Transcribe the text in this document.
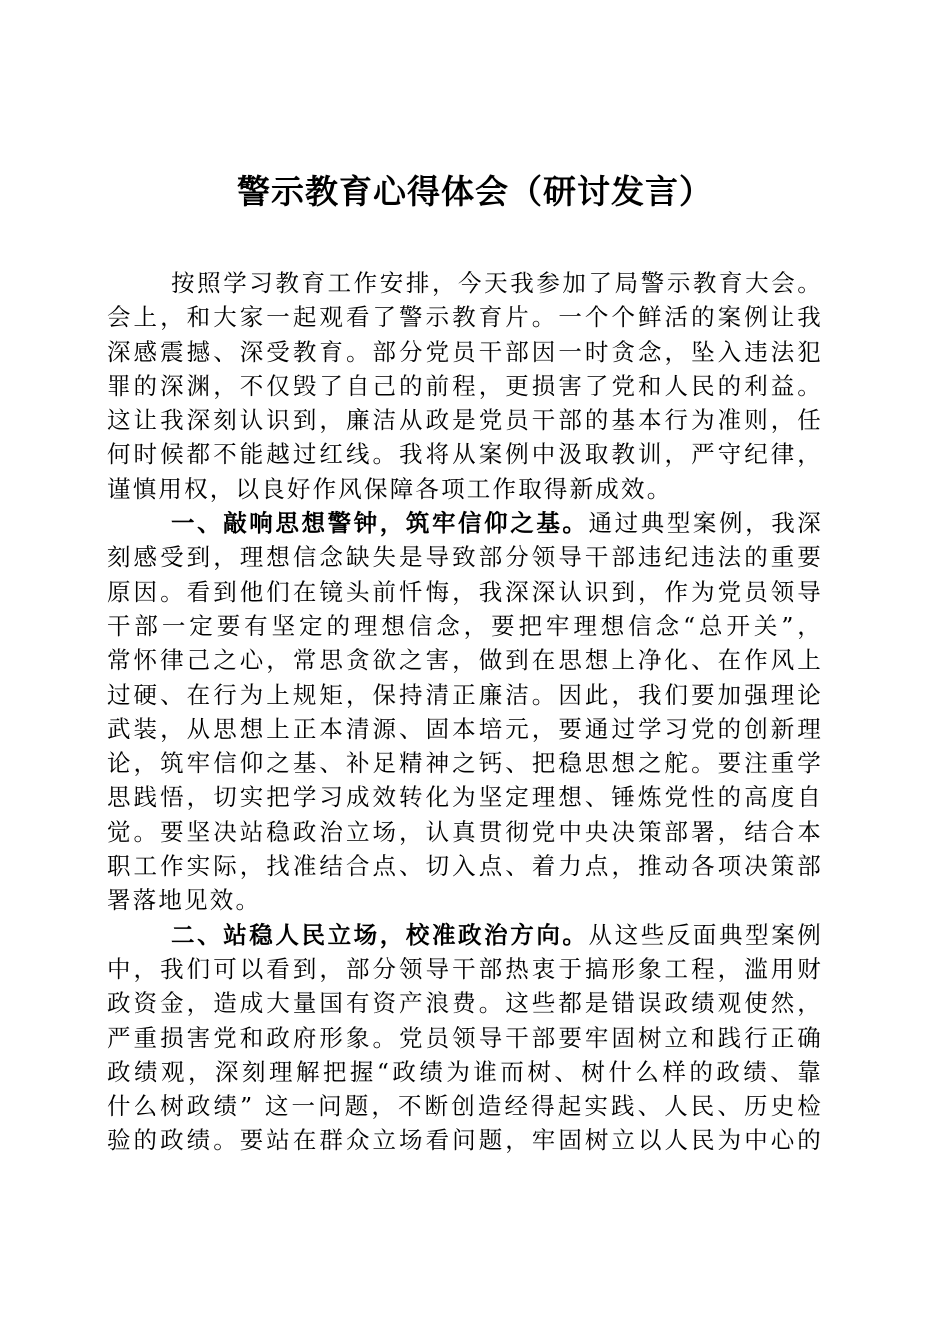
警示教育心得体会（研讨发言）
按照学习教育工作安排，今天我参加了局警示教育大会。
会上，和大家一起观看了警示教育片。一个个鲜活的案例让我
深感震撼、深受教育。部分党员干部因一时贪念，坠入违法犯
罪的深渊，不仅毁了自己的前程，更损害了党和人民的利益。
这让我深刻认识到，廉洁从政是党员干部的基本行为准则，任
何时候都不能越过红线。我将从案例中汲取教训，严守纪律，
谨慎用权，以良好作风保障各项工作取得新成效。
一、敲响思想警钟，筑牢信仰之基。通过典型案例，我深
刻感受到，理想信念缺失是导致部分领导干部违纪违法的重要
原因。看到他们在镜头前忏悔，我深深认识到，作为党员领导
干部一定要有坚定的理想信念，要把牢理想信念“总开关”，
常怀律己之心，常思贪欲之害，做到在思想上净化、在作风上
过硬、在行为上规矩，保持清正廉洁。因此，我们要加强理论
武装，从思想上正本清源、固本培元，要通过学习党的创新理
论，筑牢信仰之基、补足精神之钙、把稳思想之舵。要注重学
思践悟，切实把学习成效转化为坚定理想、锤炼党性的高度自
觉。要坚决站稳政治立场，认真贯彻党中央决策部署，结合本
职工作实际，找准结合点、切入点、着力点，推动各项决策部
署落地见效。
二、站稳人民立场，校准政治方向。从这些反面典型案例
中，我们可以看到，部分领导干部热衷于搞形象工程，滥用财
政资金，造成大量国有资产浪费。这些都是错误政绩观使然，
严重损害党和政府形象。党员领导干部要牢固树立和践行正确
政绩观，深刻理解把握“政绩为谁而树、树什么样的政绩、靠
什么树政绩” 这一问题，不断创造经得起实践、人民、历史检
验的政绩。要站在群众立场看问题，牢固树立以人民为中心的
